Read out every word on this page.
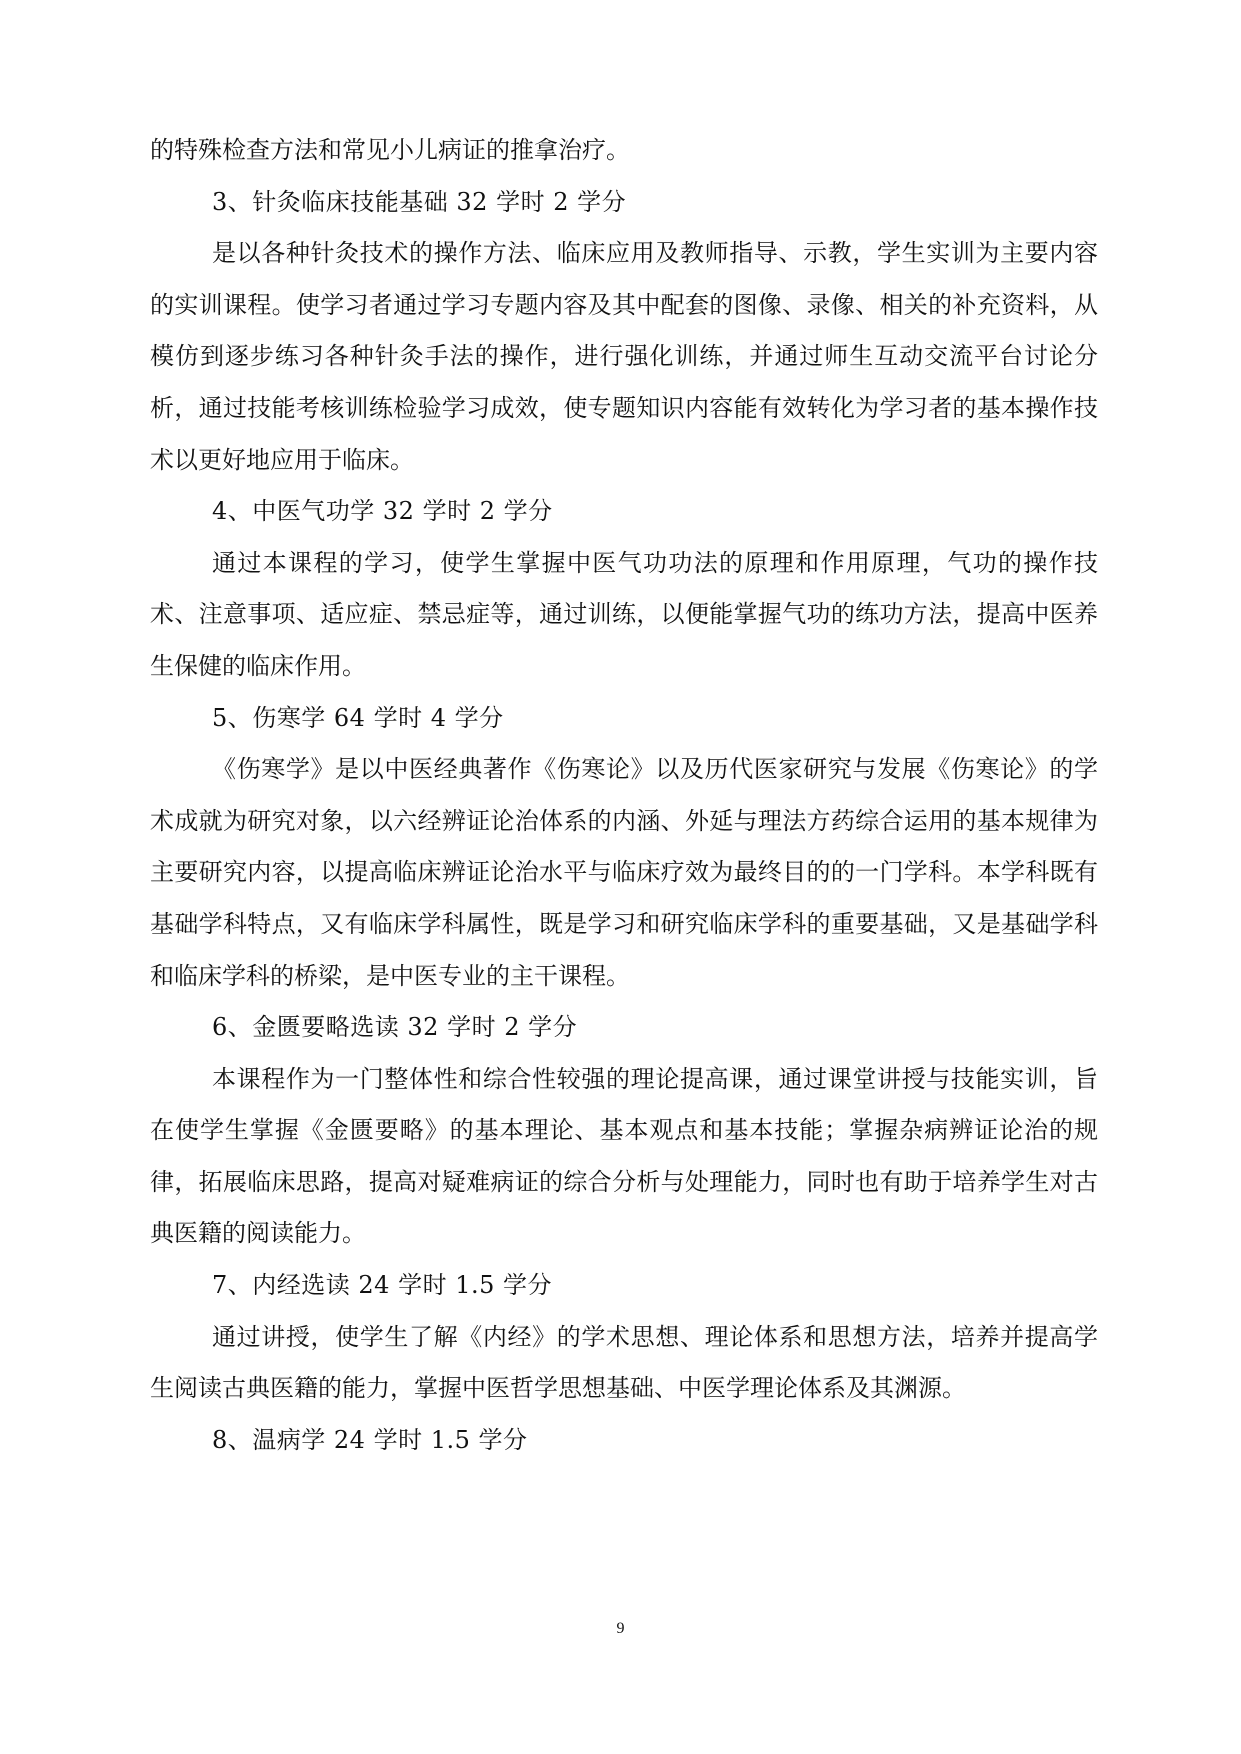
的特殊检查方法和常见小儿病证的推拿治疗。
3、针灸临床技能基础 32 学时 2 学分
是以各种针灸技术的操作方法、临床应用及教师指导、示教，学生实训为主要内容的实训课程。使学习者通过学习专题内容及其中配套的图像、录像、相关的补充资料，从模仿到逐步练习各种针灸手法的操作，进行强化训练，并通过师生互动交流平台讨论分析，通过技能考核训练检验学习成效，使专题知识内容能有效转化为学习者的基本操作技术以更好地应用于临床。
4、中医气功学 32 学时 2 学分
通过本课程的学习，使学生掌握中医气功功法的原理和作用原理，气功的操作技术、注意事项、适应症、禁忌症等，通过训练，以便能掌握气功的练功方法，提高中医养生保健的临床作用。
5、伤寒学 64 学时 4 学分
《伤寒学》是以中医经典著作《伤寒论》以及历代医家研究与发展《伤寒论》的学术成就为研究对象，以六经辨证论治体系的内涵、外延与理法方药综合运用的基本规律为主要研究内容，以提高临床辨证论治水平与临床疗效为最终目的的一门学科。本学科既有基础学科特点，又有临床学科属性，既是学习和研究临床学科的重要基础，又是基础学科和临床学科的桥梁，是中医专业的主干课程。
6、金匮要略选读 32 学时 2 学分
本课程作为一门整体性和综合性较强的理论提高课，通过课堂讲授与技能实训，旨在使学生掌握《金匮要略》的基本理论、基本观点和基本技能；掌握杂病辨证论治的规律，拓展临床思路，提高对疑难病证的综合分析与处理能力，同时也有助于培养学生对古典医籍的阅读能力。
7、内经选读 24 学时 1.5 学分
通过讲授，使学生了解《内经》的学术思想、理论体系和思想方法，培养并提高学生阅读古典医籍的能力，掌握中医哲学思想基础、中医学理论体系及其渊源。
8、温病学 24 学时 1.5 学分
9
